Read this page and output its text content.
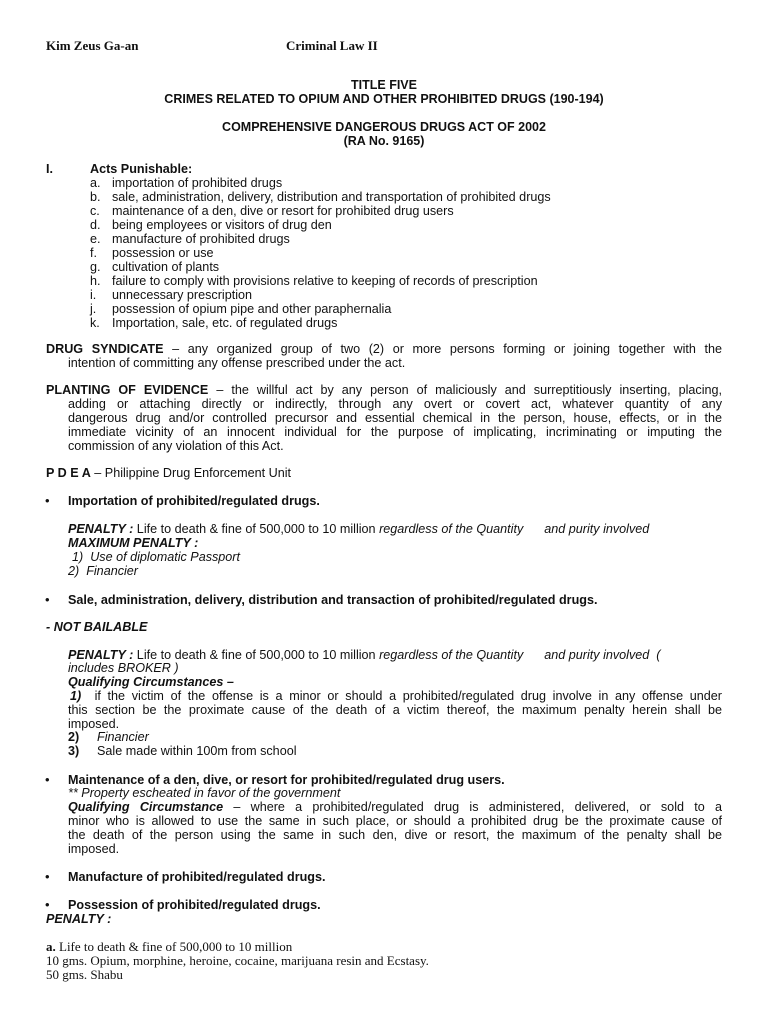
Kim Zeus Ga-an	Criminal Law II
TITLE FIVE
CRIMES RELATED TO OPIUM AND OTHER PROHIBITED DRUGS (190-194)
COMPREHENSIVE DANGEROUS DRUGS ACT OF 2002
(RA No. 9165)
I.	Acts Punishable:
a. importation of prohibited drugs
b. sale, administration, delivery, distribution and transportation of prohibited drugs
c. maintenance of a den, dive or resort for prohibited drug users
d. being employees or visitors of drug den
e. manufacture of prohibited drugs
f. possession or use
g. cultivation of plants
h. failure to comply with provisions relative to keeping of records of prescription
i. unnecessary prescription
j. possession of opium pipe and other paraphernalia
k. Importation, sale, etc. of regulated drugs
DRUG SYNDICATE – any organized group of two (2) or more persons forming or joining together with the
intention of committing any offense prescribed under the act.
PLANTING OF EVIDENCE – the willful act by any person of maliciously and surreptitiously inserting, placing,
adding or attaching directly or indirectly, through any overt or covert act, whatever quantity of any
dangerous drug and/or controlled precursor and essential chemical in the person, house, effects, or in the
immediate vicinity of an innocent individual for the purpose of implicating, incriminating or imputing the
commission of any violation of this Act.
P D E A – Philippine Drug Enforcement Unit
• Importation of prohibited/regulated drugs.
PENALTY : Life to death & fine of 500,000 to 10 million regardless of the Quantity      and purity involved
MAXIMUM PENALTY :
1)  Use of diplomatic Passport
2)  Financier
• Sale, administration, delivery, distribution and transaction of prohibited/regulated drugs.
- NOT BAILABLE
PENALTY : Life to death & fine of 500,000 to 10 million regardless of the Quantity      and purity involved  (
includes BROKER )
Qualifying Circumstances –
1) if the victim of the offense is a minor or should a prohibited/regulated drug involve in any offense under
this section be the proximate cause of the death of a victim thereof, the maximum penalty herein shall be
imposed.
2) Financier
3) Sale made within 100m from school
• Maintenance of a den, dive, or resort for prohibited/regulated drug users.
** Property escheated in favor of the government
Qualifying Circumstance – where a prohibited/regulated drug is administered, delivered, or sold to a
minor who is allowed to use the same in such place, or should a prohibited drug be the proximate cause of
the death of the person using the same in such den, dive or resort, the maximum of the penalty shall be
imposed.
• Manufacture of prohibited/regulated drugs.
• Possession of prohibited/regulated drugs.
PENALTY :
a. Life to death & fine of 500,000 to 10 million
10 gms. Opium, morphine, heroine, cocaine, marijuana resin and Ecstasy.
50 gms. Shabu
